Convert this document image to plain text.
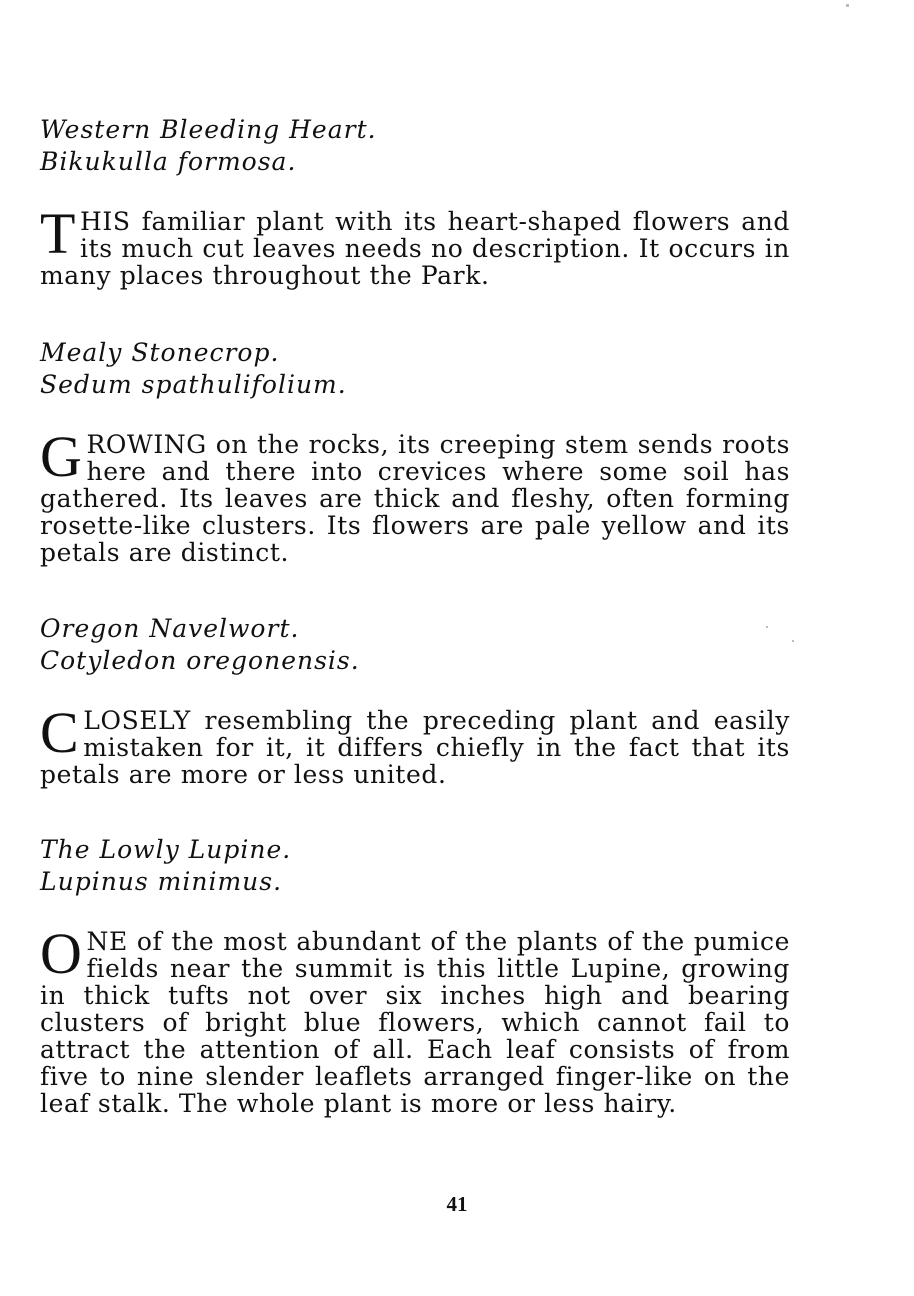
Western Bleeding Heart.
Bikukulla formosa.
THIS familiar plant with its heart-shaped flowers and its much cut leaves needs no description. It occurs in many places throughout the Park.
Mealy Stonecrop.
Sedum spathulifolium.
GROWING on the rocks, its creeping stem sends roots here and there into crevices where some soil has gathered. Its leaves are thick and fleshy, often forming rosette-like clusters. Its flowers are pale yellow and its petals are distinct.
Oregon Navelwort.
Cotyledon oregonensis.
CLOSELY resembling the preceding plant and easily mistaken for it, it differs chiefly in the fact that its petals are more or less united.
The Lowly Lupine.
Lupinus minimus.
ONE of the most abundant of the plants of the pumice fields near the summit is this little Lupine, growing in thick tufts not over six inches high and bearing clusters of bright blue flowers, which cannot fail to attract the attention of all. Each leaf consists of from five to nine slender leaflets arranged finger-like on the leaf stalk. The whole plant is more or less hairy.
41
